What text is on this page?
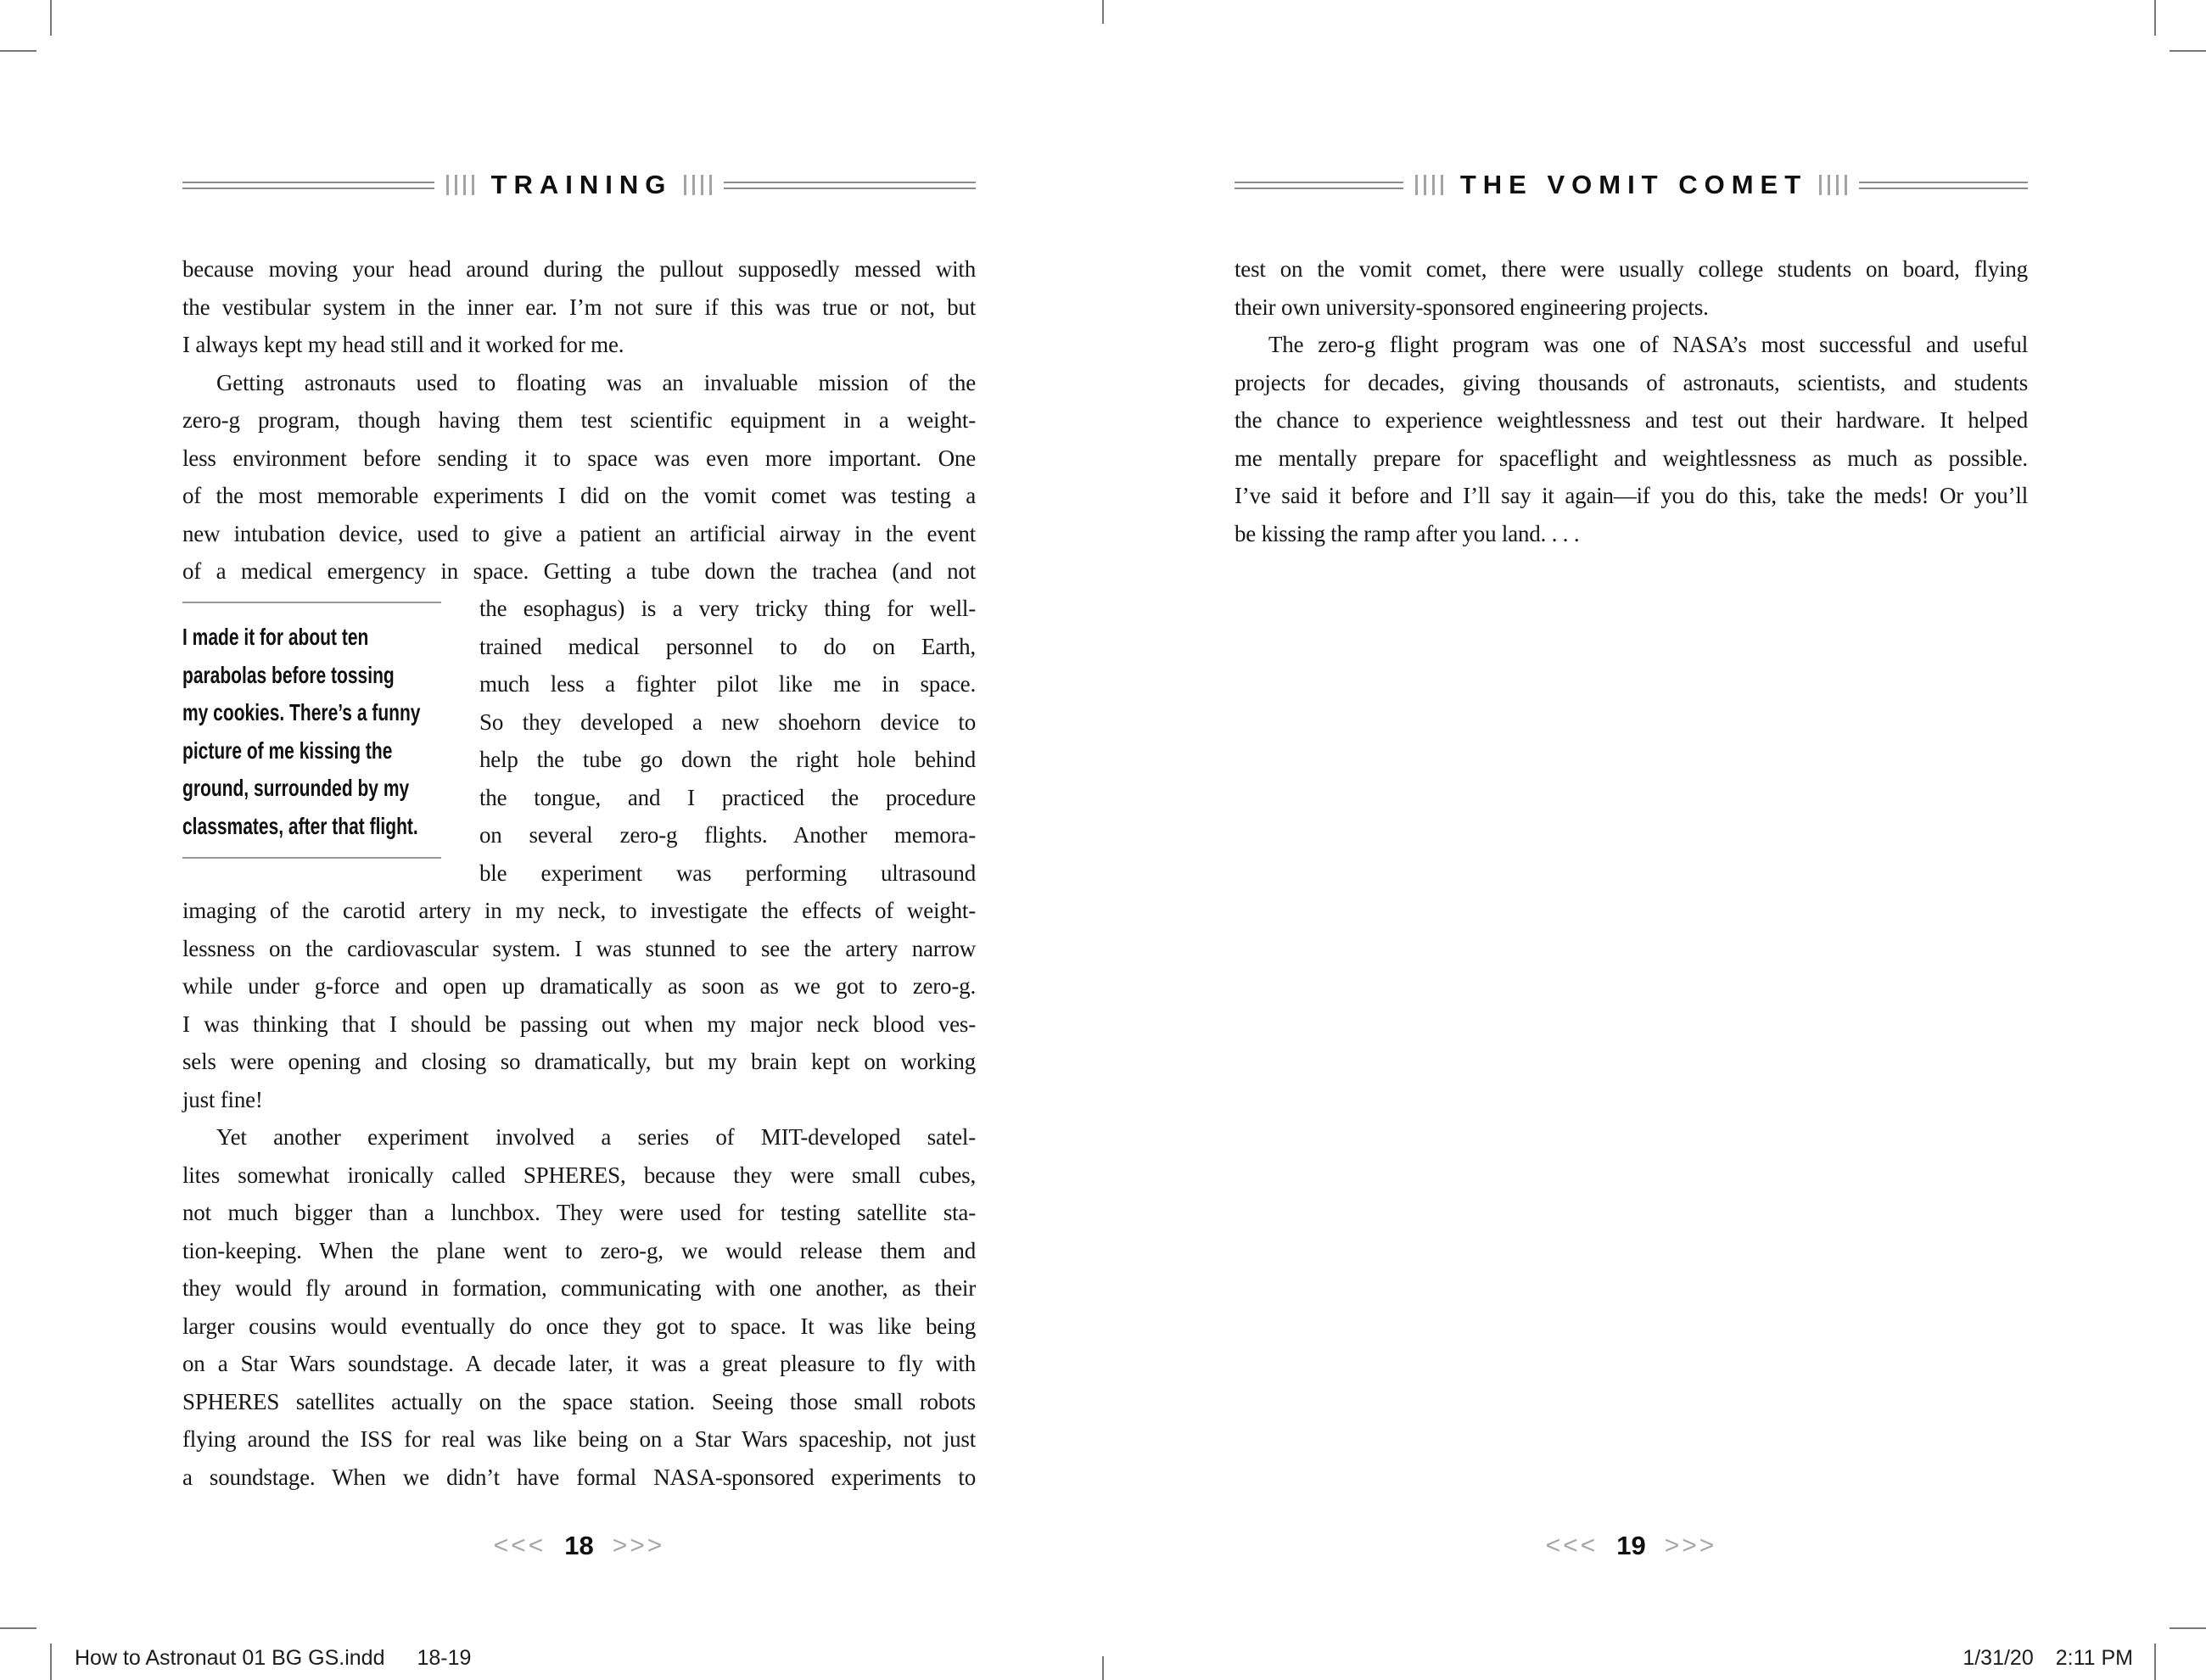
TRAINING
because moving your head around during the pullout supposedly messed with
the vestibular system in the inner ear. I’m not sure if this was true or not, but
I always kept my head still and it worked for me.
Getting astronauts used to floating was an invaluable mission of the
zero-g program, though having them test scientific equipment in a weight-
less environment before sending it to space was even more important. One
of the most memorable experiments I did on the vomit comet was testing a
new intubation device, used to give a patient an artificial airway in the event
of a medical emergency in space. Getting a tube down the trachea (and not
I made it for about ten
parabolas before tossing
my cookies. There’s a funny
picture of me kissing the
ground, surrounded by my
classmates, after that flight.
the esophagus) is a very tricky thing for well-
trained medical personnel to do on Earth,
much less a fighter pilot like me in space.
So they developed a new shoehorn device to
help the tube go down the right hole behind
the tongue, and I practiced the procedure
on several zero-g flights. Another memora-
ble experiment was performing ultrasound
imaging of the carotid artery in my neck, to investigate the effects of weight-
lessness on the cardiovascular system. I was stunned to see the artery narrow
while under g-force and open up dramatically as soon as we got to zero-g.
I was thinking that I should be passing out when my major neck blood ves-
sels were opening and closing so dramatically, but my brain kept on working
just fine!
Yet another experiment involved a series of MIT-developed satel-
lites somewhat ironically called SPHERES, because they were small cubes,
not much bigger than a lunchbox. They were used for testing satellite sta-
tion-keeping. When the plane went to zero-g, we would release them and
they would fly around in formation, communicating with one another, as their
larger cousins would eventually do once they got to space. It was like being
on a Star Wars soundstage. A decade later, it was a great pleasure to fly with
SPHERES satellites actually on the space station. Seeing those small robots
flying around the ISS for real was like being on a Star Wars spaceship, not just
a soundstage. When we didn’t have formal NASA-sponsored experiments to
<<< 18 >>>
THE VOMIT COMET
test on the vomit comet, there were usually college students on board, flying
their own university-sponsored engineering projects.
The zero-g flight program was one of NASA’s most successful and useful
projects for decades, giving thousands of astronauts, scientists, and students
the chance to experience weightlessness and test out their hardware. It helped
me mentally prepare for spaceflight and weightlessness as much as possible.
I’ve said it before and I’ll say it again—if you do this, take the meds! Or you’ll
be kissing the ramp after you land. . . .
<<< 19 >>>
How to Astronaut 01 BG GS.indd 18-19	1/31/20 2:11 PM
